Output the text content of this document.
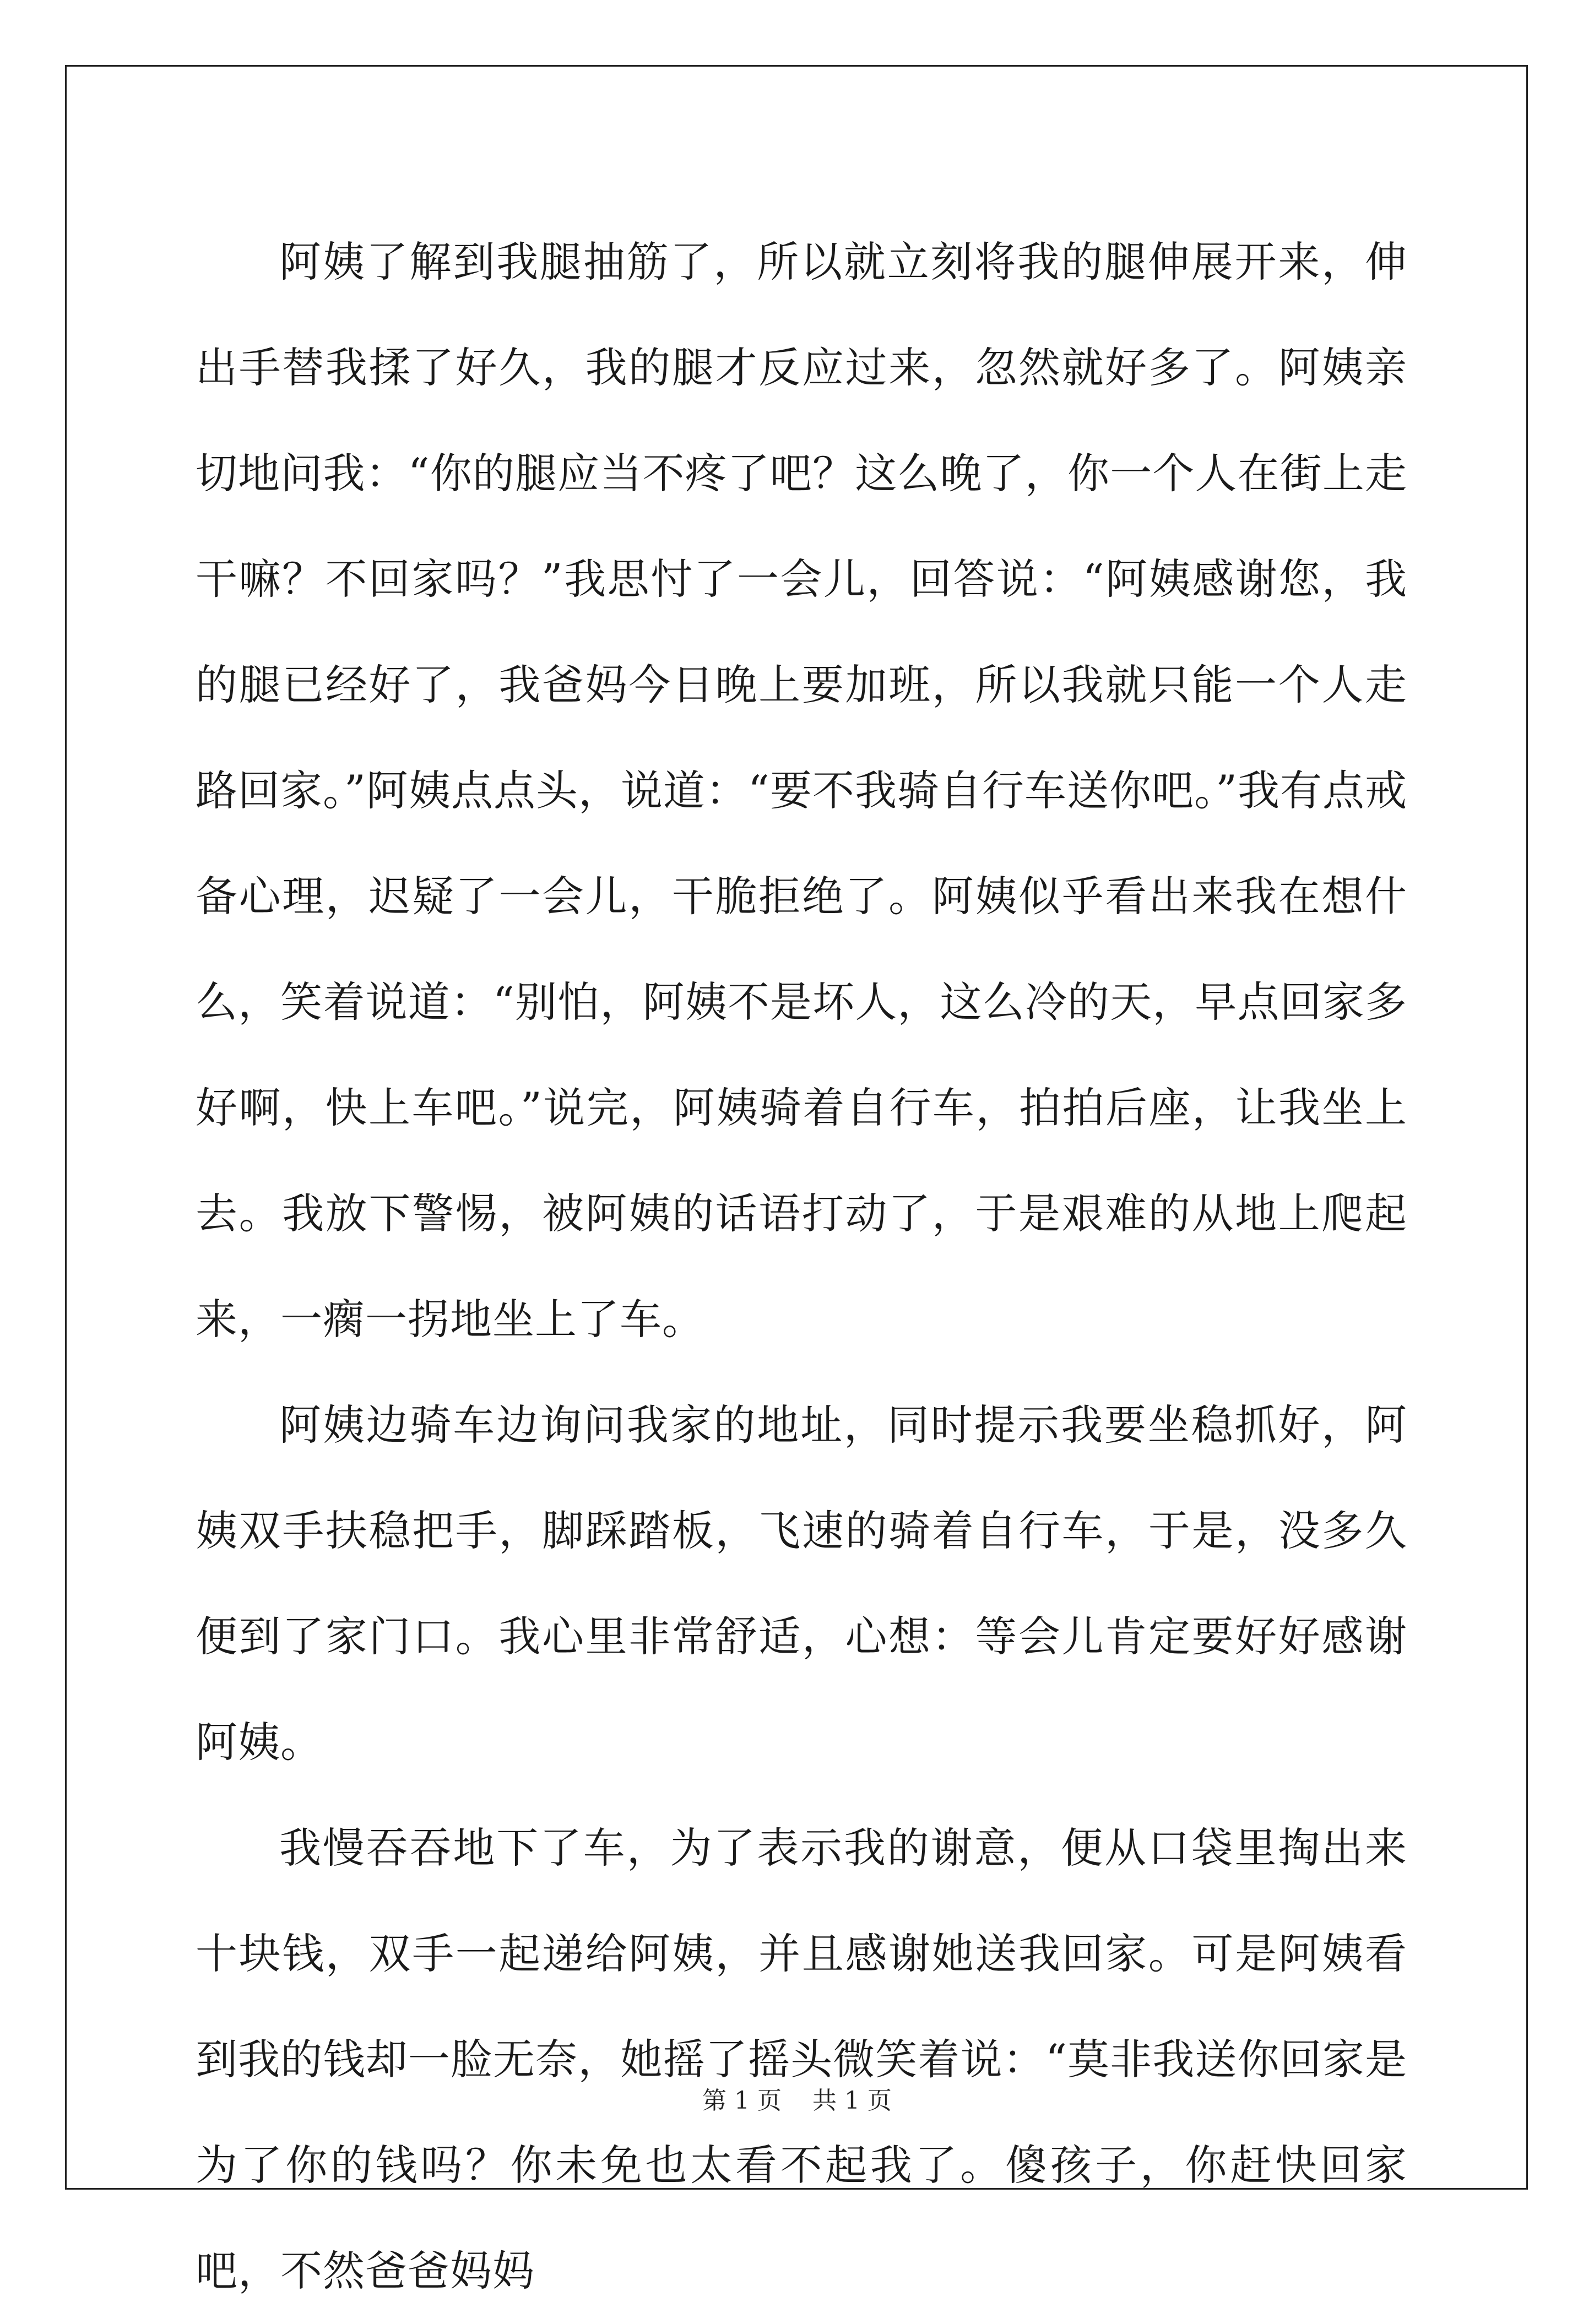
阿姨了解到我腿抽筋了，所以就立刻将我的腿伸展开来，伸出手替我揉了好久，我的腿才反应过来，忽然就好多了。阿姨亲切地问我：“你的腿应当不疼了吧？这么晚了，你一个人在街上走干嘛？不回家吗？”我思忖了一会儿，回答说：“阿姨感谢您，我的腿已经好了，我爸妈今日晚上要加班，所以我就只能一个人走路回家。”阿姨点点头，说道：“要不我骑自行车送你吧。”我有点戒备心理，迟疑了一会儿，干脆拒绝了。阿姨似乎看出来我在想什么，笑着说道：“别怕，阿姨不是坏人，这么冷的天，早点回家多好啊，快上车吧。”说完，阿姨骑着自行车，拍拍后座，让我坐上去。我放下警惕，被阿姨的话语打动了，于是艰难的从地上爬起来，一瘸一拐地坐上了车。

阿姨边骑车边询问我家的地址，同时提示我要坐稳抓好，阿姨双手扶稳把手，脚踩踏板，飞速的骑着自行车，于是，没多久便到了家门口。我心里非常舒适，心想：等会儿肯定要好好感谢阿姨。

我慢吞吞地下了车，为了表示我的谢意，便从口袋里掏出来十块钱，双手一起递给阿姨，并且感谢她送我回家。可是阿姨看到我的钱却一脸无奈，她摇了摇头微笑着说：“莫非我送你回家是为了你的钱吗？你未免也太看不起我了。傻孩子，你赶快回家吧，不然爸爸妈妈

第 1 页    共 1 页
